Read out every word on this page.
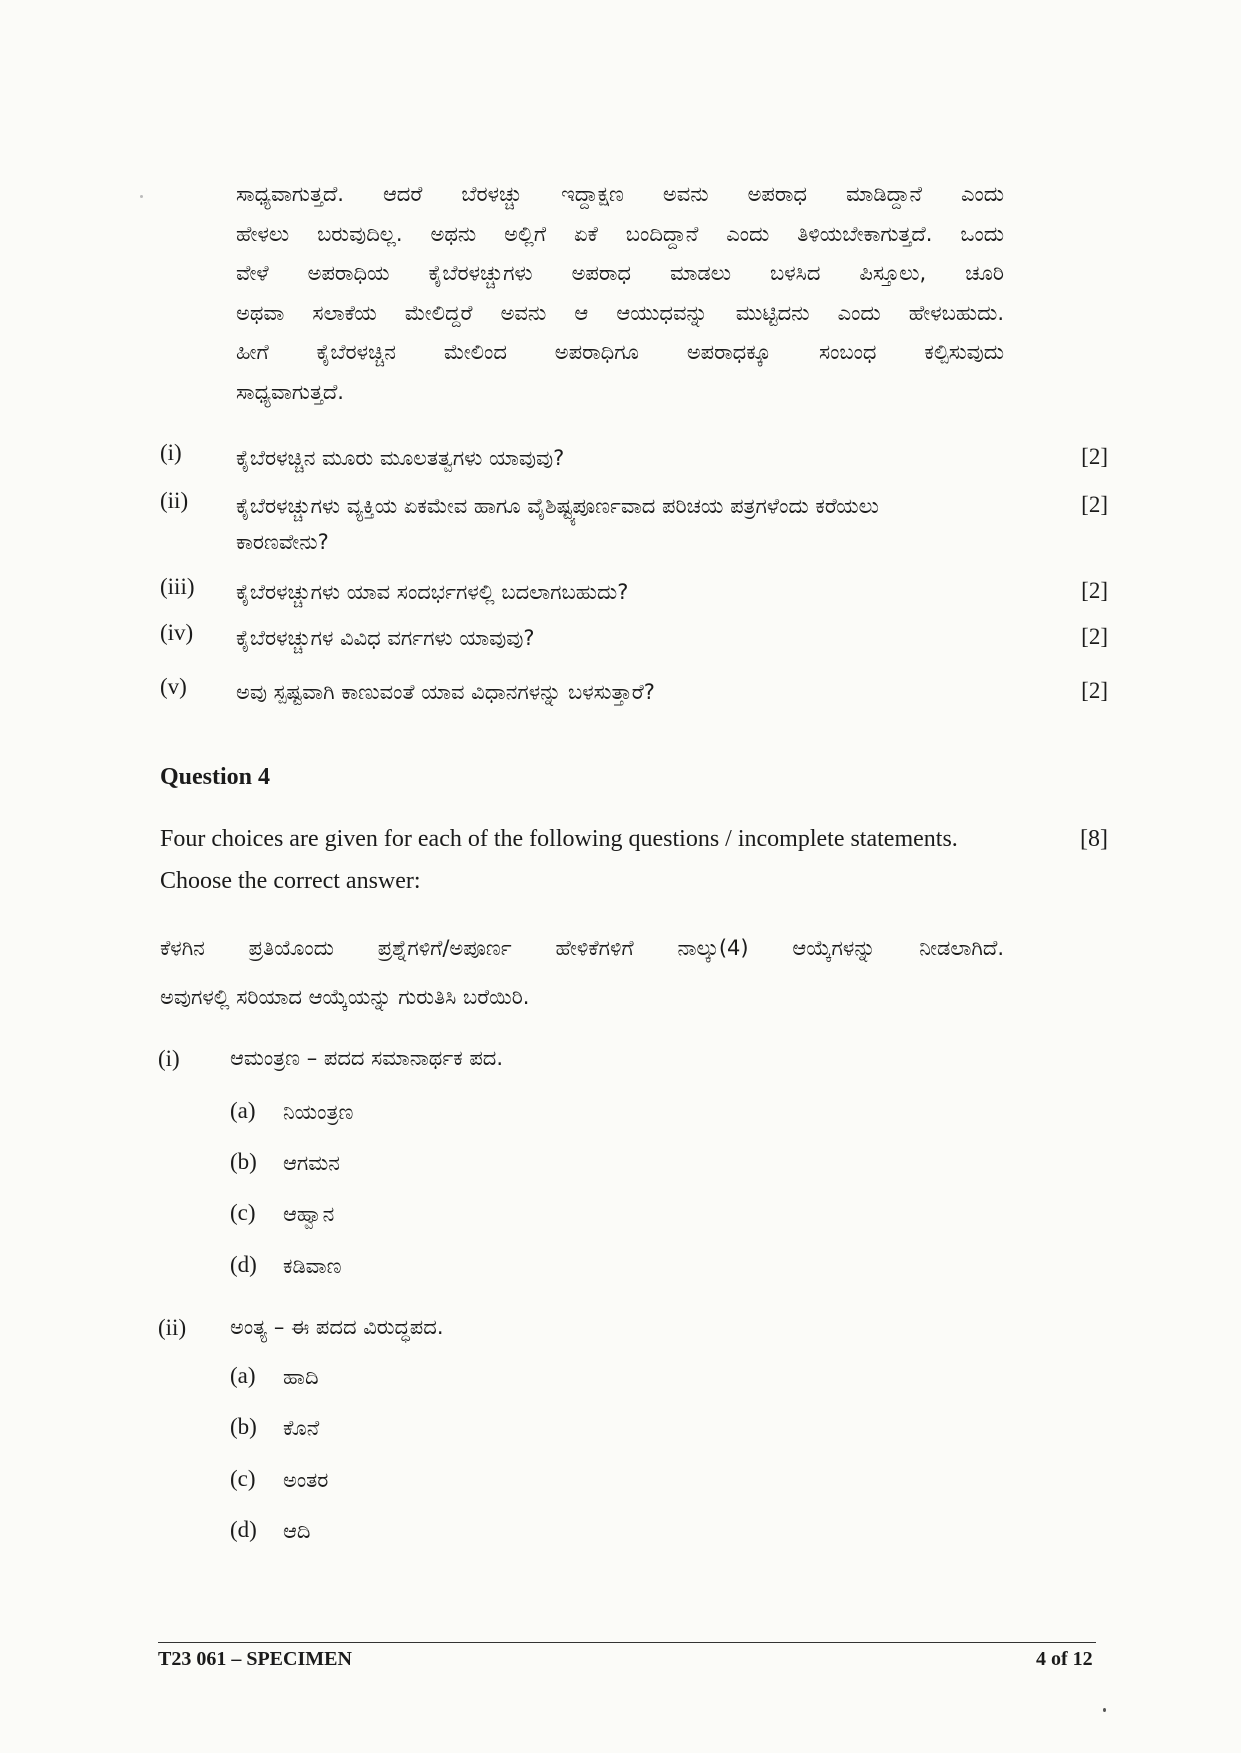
ಸಾಧ್ಯವಾಗುತ್ತದೆ. ಆದರೆ ಬೆರಳಚ್ಚು ಇದ್ದಾಕ್ಷಣ ಅವನು ಅಪರಾಧ ಮಾಡಿದ್ದಾನೆ ಎಂದು

ಹೇಳಲು ಬರುವುದಿಲ್ಲ. ಅಥನು ಅಲ್ಲಿಗೆ ಏಕೆ ಬಂದಿದ್ದಾನೆ ಎಂದು ತಿಳಿಯಬೇಕಾಗುತ್ತದೆ. ಒಂದು

ವೇಳೆ ಅಪರಾಧಿಯ ಕೈಬೆರಳಚ್ಚುಗಳು ಅಪರಾಧ ಮಾಡಲು ಬಳಸಿದ ಪಿಸ್ತೂಲು, ಚೂರಿ

ಅಥವಾ ಸಲಾಕೆಯ ಮೇಲಿದ್ದರೆ ಅವನು ಆ ಆಯುಧವನ್ನು ಮುಟ್ಟಿದನು ಎಂದು ಹೇಳಬಹುದು.

ಹೀಗೆ ಕೈಬೆರಳಚ್ಚಿನ ಮೇಲಿಂದ ಅಪರಾಧಿಗೂ ಅಪರಾಧಕ್ಕೂ ಸಂಬಂಧ ಕಲ್ಪಿಸುವುದು

ಸಾಧ್ಯವಾಗುತ್ತದೆ.

(i)	ಕೈಬೆರಳಚ್ಚಿನ ಮೂರು ಮೂಲತತ್ವಗಳು ಯಾವುವು?	[2]
(ii) ಕೈಬೆರಳಚ್ಚುಗಳು ವ್ಯಕ್ತಿಯ ಏಕಮೇವ ಹಾಗೂ ವೈಶಿಷ್ಟ್ಯಪೂರ್ಣವಾದ ಪರಿಚಯ ಪತ್ರಗಳೆಂದು ಕರೆಯಲು ಕಾರಣವೇನು?
[2]
(iii) ಕೈಬೆರಳಚ್ಚುಗಳು ಯಾವ ಸಂದರ್ಭಗಳಲ್ಲಿ ಬದಲಾಗಬಹುದು?	[2]
(iv) ಕೈಬೆರಳಚ್ಚುಗಳ ವಿವಿಧ ವರ್ಗಗಳು ಯಾವುವು?	[2]
(v) ಅವು ಸ್ಪಷ್ಟವಾಗಿ ಕಾಣುವಂತೆ ಯಾವ ವಿಧಾನಗಳನ್ನು ಬಳಸುತ್ತಾರೆ?	[2]
Question 4
Four choices are given for each of the following questions / incomplete statements.
Choose the correct answer:
[8]

ಕೆಳಗಿನ ಪ್ರತಿಯೊಂದು ಪ್ರಶ್ನೆಗಳಿಗೆ/ಅಪೂರ್ಣ ಹೇಳಿಕೆಗಳಿಗೆ ನಾಲ್ಕು(4) ಆಯ್ಕೆಗಳನ್ನು ನೀಡಲಾಗಿದೆ.

ಅವುಗಳಲ್ಲಿ ಸರಿಯಾದ ಆಯ್ಕೆಯನ್ನು ಗುರುತಿಸಿ ಬರೆಯಿರಿ.

(i) ಆಮಂತ್ರಣ – ಪದದ ಸಮಾನಾರ್ಥಕ ಪದ.
(a) ನಿಯಂತ್ರಣ
(b) ಆಗಮನ
(c) ಆಹ್ವಾನ
(d) ಕಡಿವಾಣ
(ii) ಅಂತ್ಯ – ಈ ಪದದ ವಿರುದ್ಧಪದ.
(a) ಹಾದಿ
(b) ಕೊನೆ
(c) ಅಂತರ
(d) ಆದಿ
T23 061 – SPECIMEN	4 of 12
